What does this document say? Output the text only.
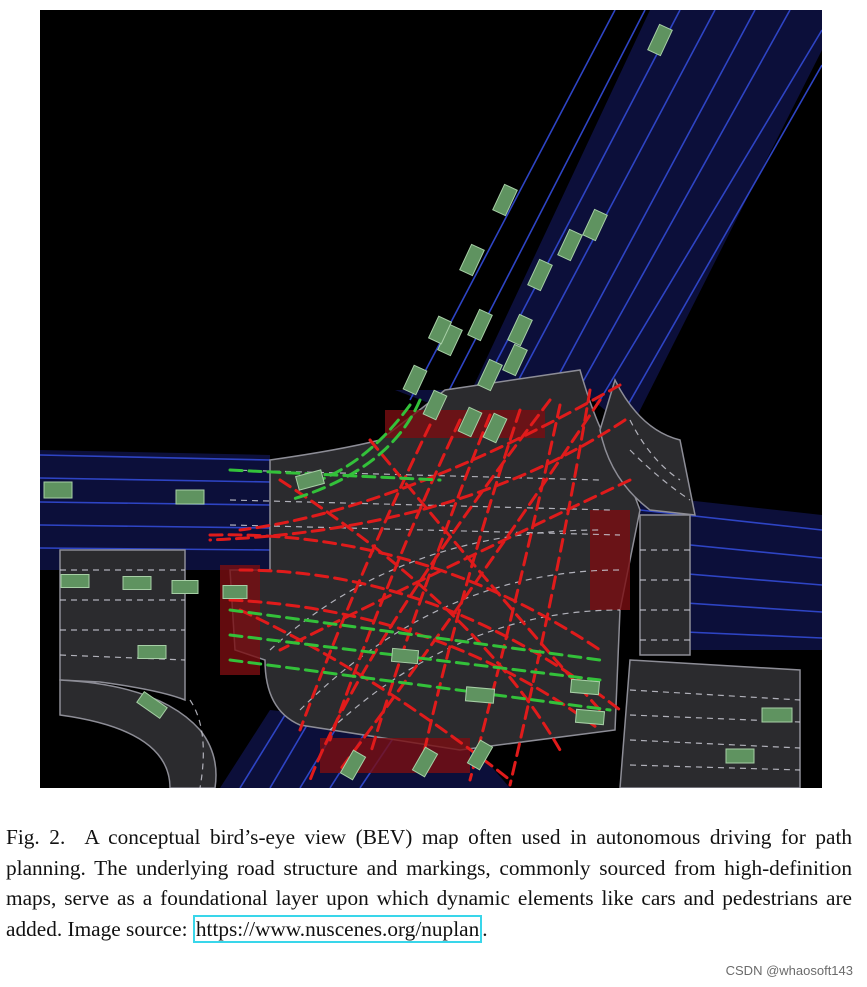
Fig. 2. A conceptual bird’s-eye view (BEV) map often used in autonomous driving for path planning. The underlying road structure and markings, commonly sourced from high-definition maps, serve as a foundational layer upon which dynamic elements like cars and pedestrians are added. Image source: https://www.nuscenes.org/nuplan .
CSDN @whaosoft143
